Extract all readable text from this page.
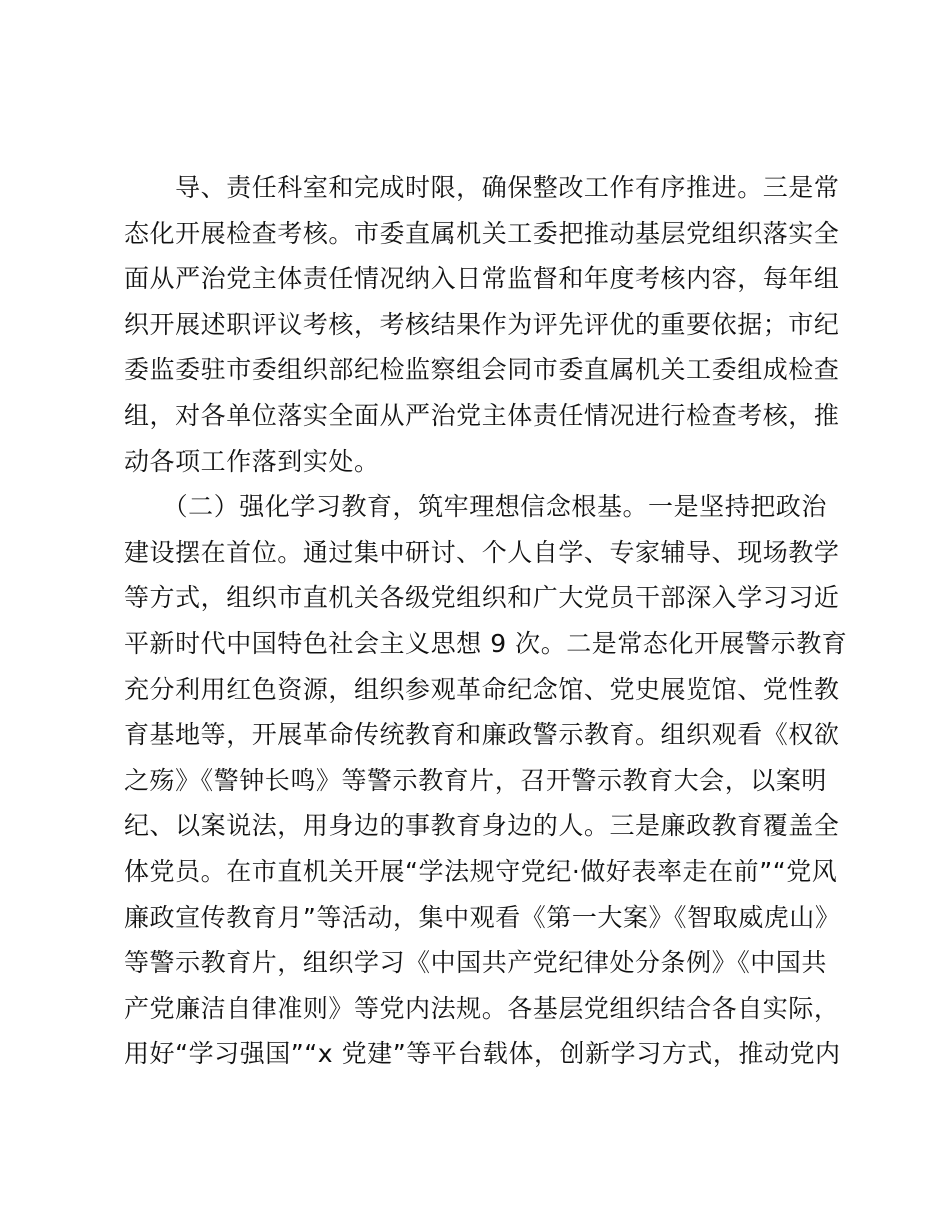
　　导、责任科室和完成时限，确保整改工作有序推进。三是常
态化开展检查考核。市委直属机关工委把推动基层党组织落实全
面从严治党主体责任情况纳入日常监督和年度考核内容，每年组
织开展述职评议考核，考核结果作为评先评优的重要依据；市纪
委监委驻市委组织部纪检监察组会同市委直属机关工委组成检查
组，对各单位落实全面从严治党主体责任情况进行检查考核，推
动各项工作落到实处。
　　（二）强化学习教育，筑牢理想信念根基。一是坚持把政治
建设摆在首位。通过集中研讨、个人自学、专家辅导、现场教学
等方式，组织市直机关各级党组织和广大党员干部深入学习习近
平新时代中国特色社会主义思想 9 次。二是常态化开展警示教育
充分利用红色资源，组织参观革命纪念馆、党史展览馆、党性教
育基地等，开展革命传统教育和廉政警示教育。组织观看《权欲
之殇》《警钟长鸣》等警示教育片，召开警示教育大会，以案明
纪、以案说法，用身边的事教育身边的人。三是廉政教育覆盖全
体党员。在市直机关开展“学法规守党纪·做好表率走在前”“党风
廉政宣传教育月”等活动，集中观看《第一大案》《智取威虎山》
等警示教育片，组织学习《中国共产党纪律处分条例》《中国共
产党廉洁自律准则》等党内法规。各基层党组织结合各自实际，
用好“学习强国”“x 党建”等平台载体，创新学习方式，推动党内
